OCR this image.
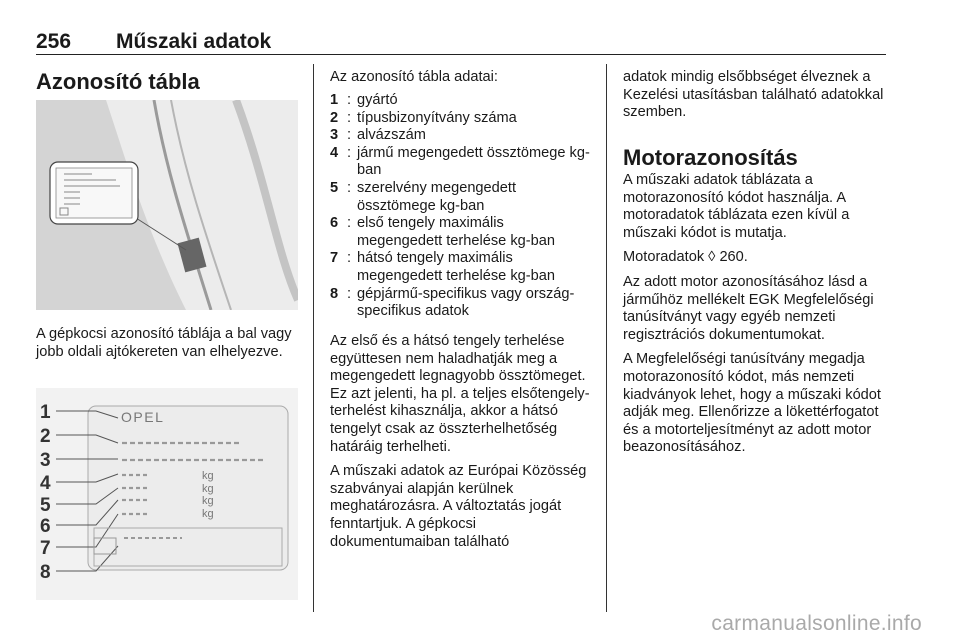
256 Műszaki adatok
Azonosító tábla
A gépkocsi azonosító táblája a bal vagy jobb oldali ajtókereten van elhelyezve.
1
2
3
4
5
6
7
8
OPEL
kg
kg
kg
kg
Az azonosító tábla adatai:
1 : gyártó
2 : típusbizonyítvány száma
3 : alvázszám
4 : jármű megengedett össztömege kg-ban
5 : szerelvény megengedett össztömege kg-ban
6 : első tengely maximális megengedett terhelése kg-ban
7 : hátsó tengely maximális megengedett terhelése kg-ban
8 : gépjármű-specifikus vagy ország-specifikus adatok

Az első és a hátsó tengely terhelése együttesen nem haladhatják meg a megengedett legnagyobb össztömeget. Ez azt jelenti, ha pl. a teljes elsőtengely-terhelést kihasználja, akkor a hátsó tengelyt csak az összterhelhetőség határáig terhelheti.

A műszaki adatok az Európai Közösség szabványai alapján kerülnek meghatározásra. A változtatás jogát fenntartjuk. A gépkocsi dokumentumaiban található

adatok mindig elsőbbséget élveznek a Kezelési utasításban található adatokkal szemben.
Motorazonosítás

A műszaki adatok táblázata a motorazonosító kódot használja. A motoradatok táblázata ezen kívül a műszaki kódot is mutatja.

Motoradatok ◊ 260.

Az adott motor azonosításához lásd a járműhöz mellékelt EGK Megfelelőségi tanúsítványt vagy egyéb nemzeti regisztrációs dokumentumokat.

A Megfelelőségi tanúsítvány megadja motorazonosító kódot, más nemzeti kiadványok lehet, hogy a műszaki kódot adják meg. Ellenőrizze a lökettérfogatot és a motorteljesítményt az adott motor beazonosításához.

carmanualsonline.info
